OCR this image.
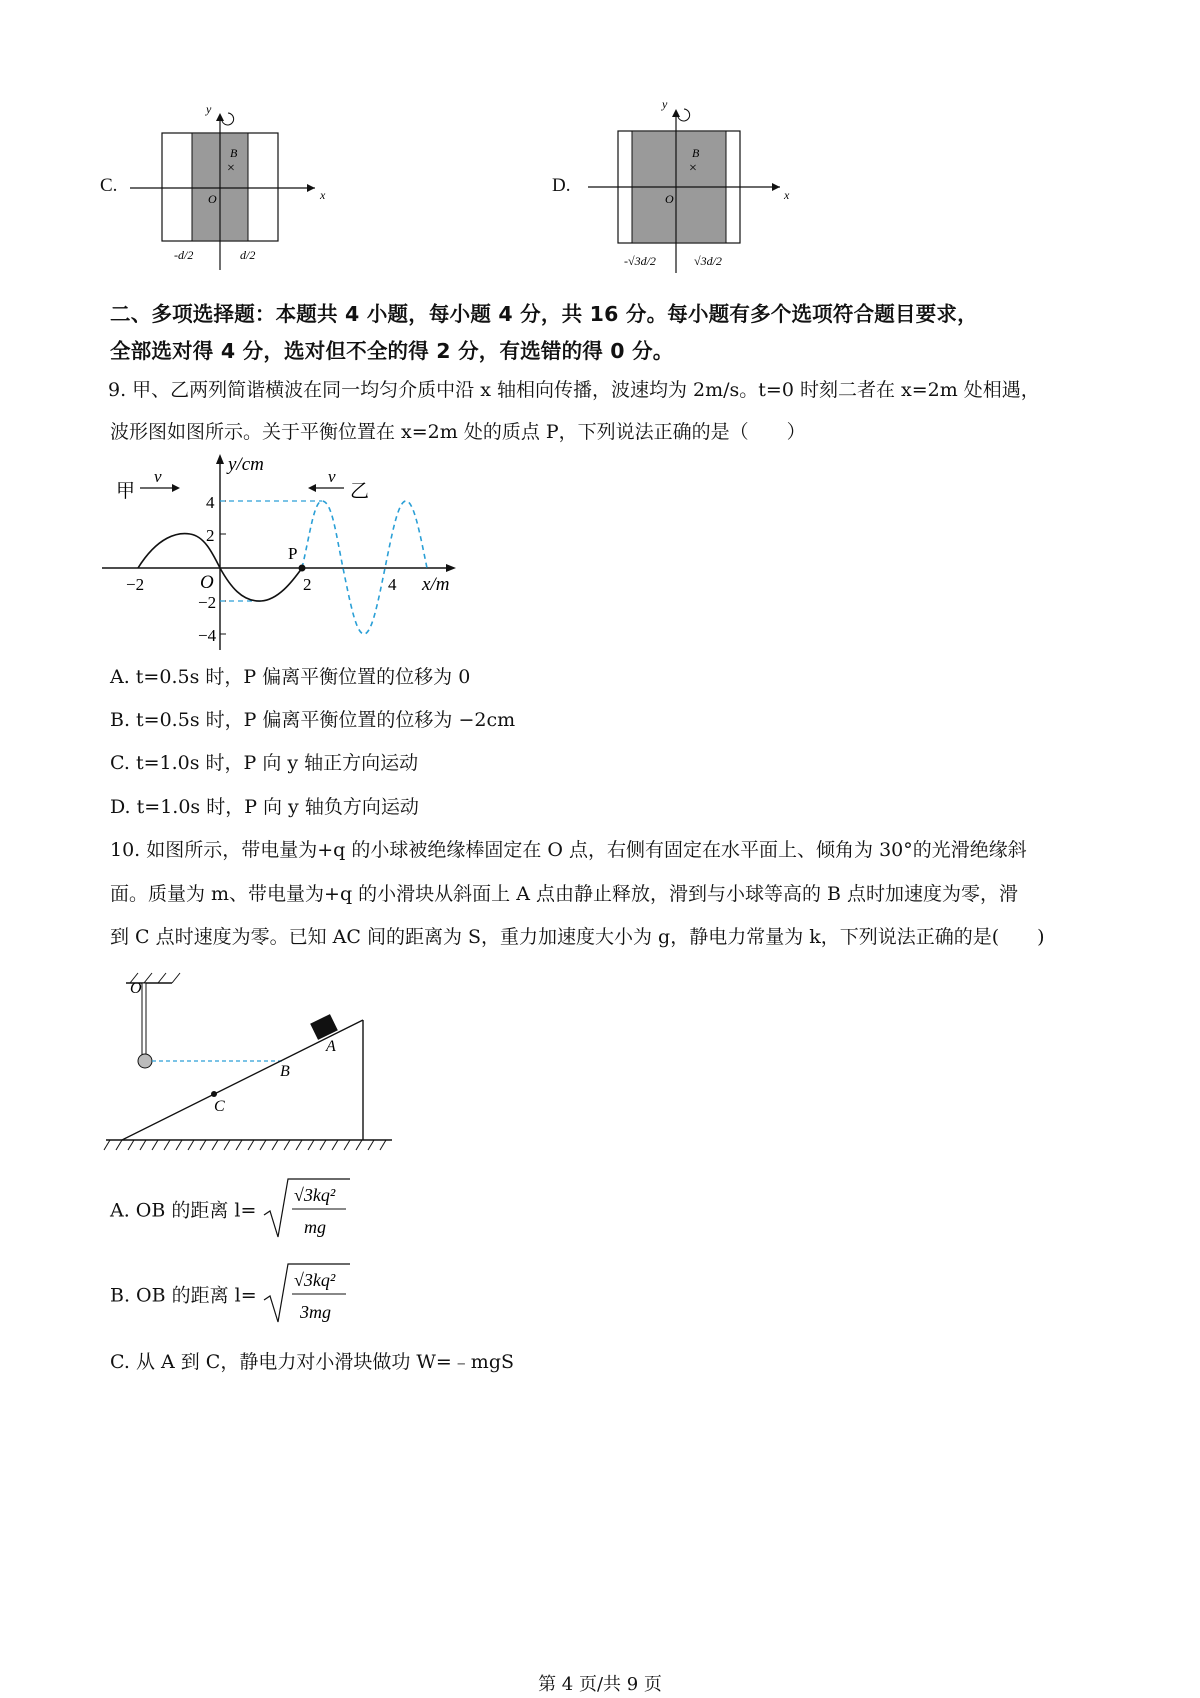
C.
y
x
O
B
×
-d/2	d/2
D.
y
x
O
B
×
-√3d/2	√3d/2
二、多项选择题：本题共 4 小题，每小题 4 分，共 16 分。每小题有多个选项符合题目要求，
全部选对得 4 分，选对但不全的得 2 分，有选错的得 0 分。
9. 甲、乙两列简谐横波在同一均匀介质中沿 x 轴相向传播，波速均为 2m/s。t=0 时刻二者在 x=2m 处相遇，
波形图如图所示。关于平衡位置在 x=2m 处的质点 P，下列说法正确的是（　　）
y/cm
x/m
O
甲	乙
v	v
P
4
2
−2
−4
−2	2	4
A. t=0.5s 时，P 偏离平衡位置的位移为 0
B. t=0.5s 时，P 偏离平衡位置的位移为 −2cm
C. t=1.0s 时，P 向 y 轴正方向运动
D. t=1.0s 时，P 向 y 轴负方向运动
10. 如图所示，带电量为+q 的小球被绝缘棒固定在 O 点，右侧有固定在水平面上、倾角为 30°的光滑绝缘斜
面。质量为 m、带电量为+q 的小滑块从斜面上 A 点由静止释放，滑到与小球等高的 B 点时加速度为零，滑
到 C 点时速度为零。已知 AC 间的距离为 S，重力加速度大小为 g，静电力常量为 k，下列说法正确的是(　　)
O
A
B
C
A. OB 的距离 l=
√3kq²
mg
B. OB 的距离 l=
√3kq²
3mg
C. 从 A 到 C，静电力对小滑块做功 W=﹣mgS
第 4 页/共 9 页
